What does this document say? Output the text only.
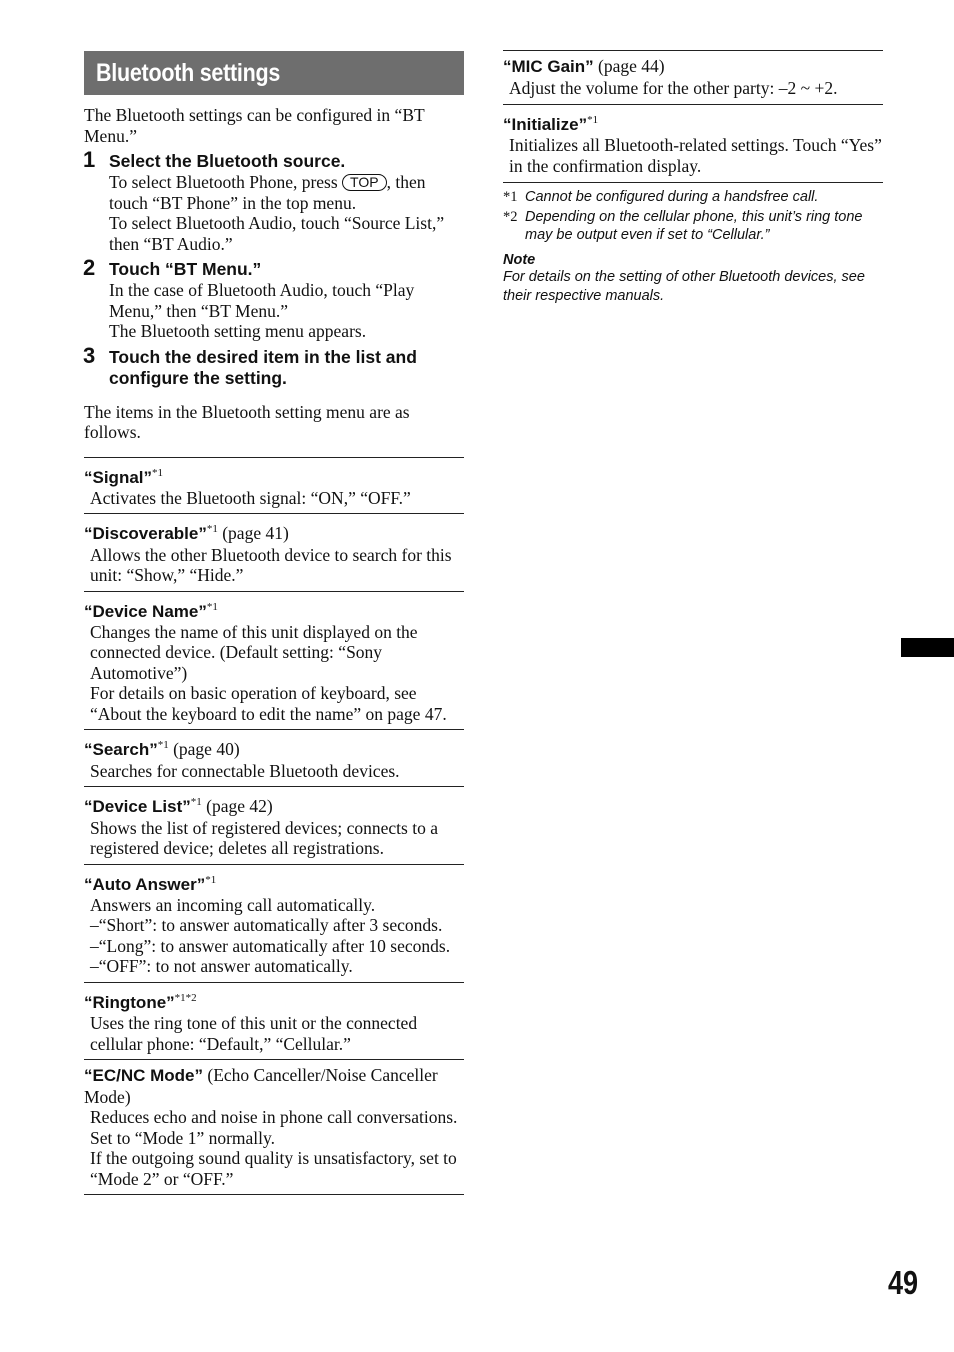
Bluetooth settings
The Bluetooth settings can be configured in “BT Menu.”
1 Select the Bluetooth source.
To select Bluetooth Phone, press TOP , then touch “BT Phone” in the top menu.
To select Bluetooth Audio, touch “Source List,” then “BT Audio.”
2 Touch “BT Menu.”
In the case of Bluetooth Audio, touch “Play Menu,” then “BT Menu.”
The Bluetooth setting menu appears.
3 Touch the desired item in the list and configure the setting.
The items in the Bluetooth setting menu are as follows.
“Signal”$^{*1}$
Activates the Bluetooth signal: “ON,” “OFF.”
“Discoverable”$^{*1}$ (page 41)
Allows the other Bluetooth device to search for this unit: “Show,” “Hide.”
“Device Name”$^{*1}$
Changes the name of this unit displayed on the connected device. (Default setting: “Sony Automotive”)
For details on basic operation of keyboard, see “About the keyboard to edit the name” on page 47.
“Search”$^{*1}$ (page 40)
Searches for connectable Bluetooth devices.
“Device List”$^{*1}$ (page 42)
Shows the list of registered devices; connects to a registered device; deletes all registrations.
“Auto Answer”$^{*1}$
Answers an incoming call automatically.
–“Short”: to answer automatically after 3 seconds.
–“Long”: to answer automatically after 10 seconds.
–“OFF”: to not answer automatically.
“Ringtone”$^{*1*2}$
Uses the ring tone of this unit or the connected cellular phone: “Default,” “Cellular.”
“EC/NC Mode” (Echo Canceller/Noise Canceller Mode)
Reduces echo and noise in phone call conversations.
Set to “Mode 1” normally.
If the outgoing sound quality is unsatisfactory, set to “Mode 2” or “OFF.”
“MIC Gain” (page 44)
Adjust the volume for the other party: –2 ~ +2.
“Initialize”$^{*1}$
Initializes all Bluetooth-related settings. Touch “Yes” in the confirmation display.
*1 Cannot be configured during a handsfree call.
*2 Depending on the cellular phone, this unit’s ring tone may be output even if set to “Cellular.”
Note
For details on the setting of other Bluetooth devices, see their respective manuals.
49
